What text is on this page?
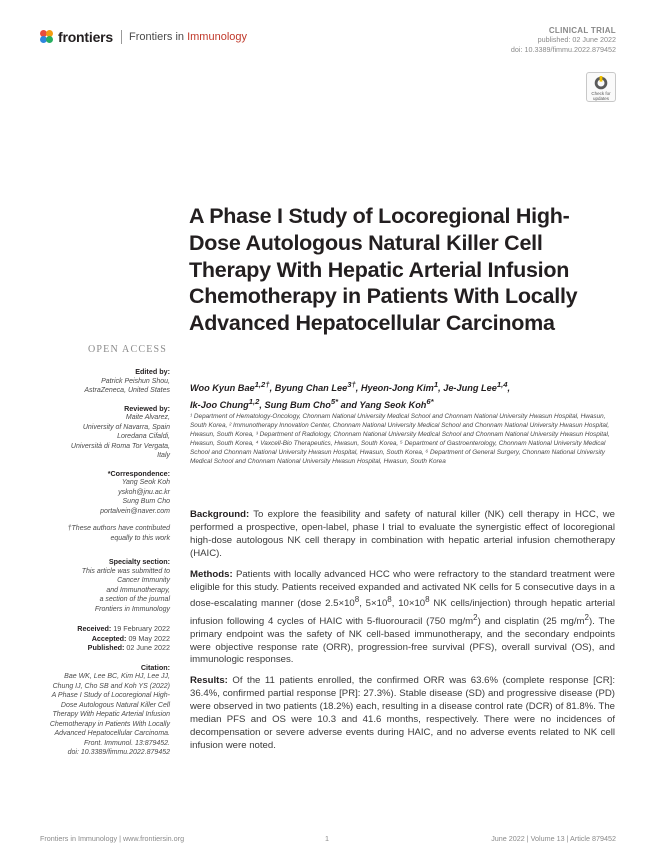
frontiers Frontiers in Immunology
CLINICAL TRIAL
published: 02 June 2022
doi: 10.3389/fimmu.2022.879452
Check for
updates
A Phase I Study of Locoregional High-Dose Autologous Natural Killer Cell Therapy With Hepatic Arterial Infusion Chemotherapy in Patients With Locally Advanced Hepatocellular Carcinoma
OPEN ACCESS
Edited by:
Patrick Peishun Shou,
AstraZeneca, United States
Reviewed by:
Maite Alvarez,
University of Navarra, Spain
Loredana Cifaldi,
Università di Roma Tor Vergata,
Italy
*Correspondence:
Yang Seok Koh
yskoh@jnu.ac.kr
Sung Bum Cho
portalvein@naver.com
†These authors have contributed
equally to this work
Specialty section:
This article was submitted to
Cancer Immunity
and Immunotherapy,
a section of the journal
Frontiers in Immunology
Received: 19 February 2022
Accepted: 09 May 2022
Published: 02 June 2022
Citation:
Bae WK, Lee BC, Kim HJ, Lee JJ,
Chung IJ, Cho SB and Koh YS (2022)
A Phase I Study of Locoregional High-
Dose Autologous Natural Killer Cell
Therapy With Hepatic Arterial Infusion
Chemotherapy in Patients With Locally
Advanced Hepatocellular Carcinoma.
Front. Immunol. 13:879452.
doi: 10.3389/fimmu.2022.879452
Woo Kyun Bae$^{1,2\dagger}$, Byung Chan Lee$^{3\dagger}$, Hyeon-Jong Kim$^1$, Je-Jung Lee$^{1,4}$,
Ik-Joo Chung$^{1,2}$, Sung Bum Cho$^{5*}$ and Yang Seok Koh$^{6*}$
¹ Department of Hematology-Oncology, Chonnam National University Medical School and Chonnam National University Hwasun Hospital, Hwasun, South Korea, ² Immunotherapy Innovation Center, Chonnam National University Medical School and Chonnam National University Hwasun Hospital, Hwasun, South Korea, ³ Department of Radiology, Chonnam National University Medical School and Chonnam National University Hwasun Hospital, Hwasun, South Korea, ⁴ Vaxcell-Bio Therapeutics, Hwasun, South Korea, ⁵ Department of Gastroenterology, Chonnam National University Medical School and Chonnam National University Hwasun Hospital, Hwasun, South Korea, ⁶ Department of General Surgery, Chonnam National University Medical School and Chonnam National University Hwasun Hospital, Hwasun, South Korea

Background: To explore the feasibility and safety of natural killer (NK) cell therapy in HCC, we performed a prospective, open-label, phase I trial to evaluate the synergistic effect of locoregional high-dose autologous NK cell therapy in combination with hepatic arterial infusion chemotherapy (HAIC).

Methods: Patients with locally advanced HCC who were refractory to the standard treatment were eligible for this study. Patients received expanded and activated NK cells for 5 consecutive days in a dose-escalating manner (dose $2.5\times 10^8$, $5\times 10^8$, $10\times 10^8$ NK cells/injection) through hepatic arterial infusion following 4 cycles of HAIC with 5-fluorouracil (750 $mg/m^2$) and cisplatin (25 $mg/m^2$). The primary endpoint was the safety of NK cell-based immunotherapy, and the secondary endpoints were objective response rate (ORR), progression-free survival (PFS), overall survival (OS), and immunologic responses.

Results: Of the 11 patients enrolled, the confirmed ORR was 63.6% (complete response [CR]: 36.4%, confirmed partial response [PR]: 27.3%). Stable disease (SD) and progressive disease (PD) were observed in two patients (18.2%) each, resulting in a disease control rate (DCR) of 81.8%. The median PFS and OS were 10.3 and 41.6 months, respectively. There were no incidences of decompensation or severe adverse events during HAIC, and no adverse events related to NK cell infusion were noted.

Frontiers in Immunology | www.frontiersin.org	1	June 2022 | Volume 13 | Article 879452
